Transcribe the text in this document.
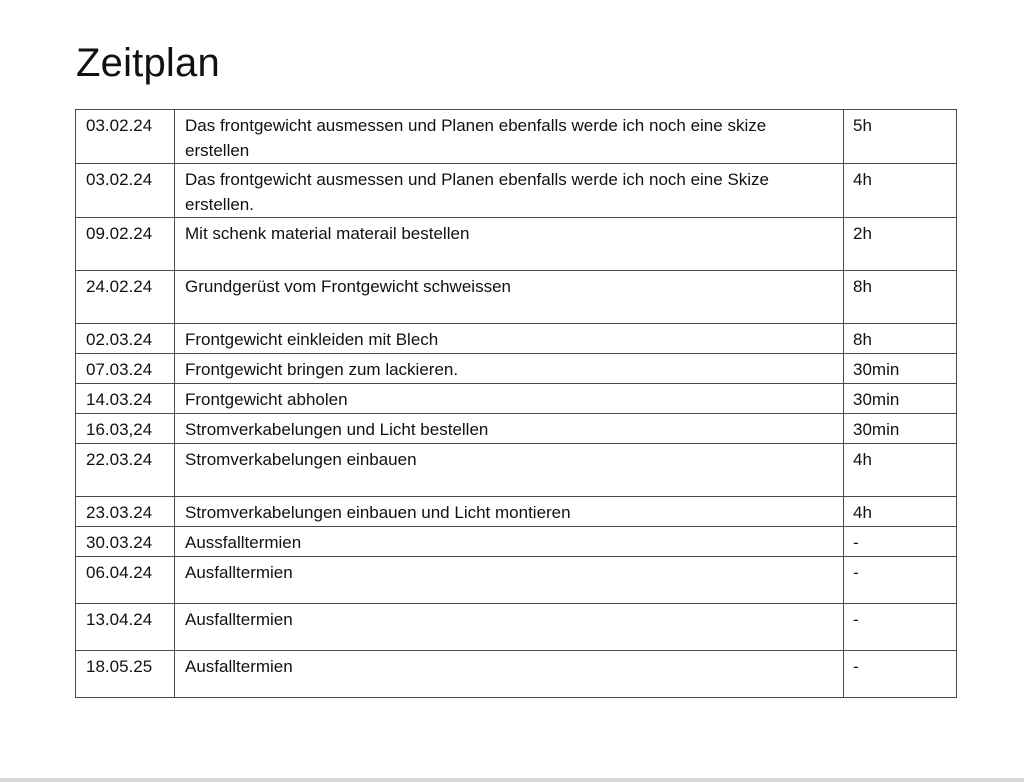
Zeitplan
03.02.24	Das frontgewicht ausmessen und Planen ebenfalls werde ich noch eine skize erstellen	5h
03.02.24	Das frontgewicht ausmessen und Planen ebenfalls werde ich noch eine Skize erstellen.	4h
09.02.24	Mit schenk material materail bestellen	2h
24.02.24	Grundgerüst vom Frontgewicht schweissen	8h
02.03.24	Frontgewicht einkleiden mit Blech	8h
07.03.24	Frontgewicht bringen zum lackieren.	30min
14.03.24	Frontgewicht abholen	30min
16.03,24	Stromverkabelungen und Licht bestellen	30min
22.03.24	Stromverkabelungen einbauen	4h
23.03.24	Stromverkabelungen einbauen und Licht montieren	4h
30.03.24	Aussfalltermien	-
06.04.24	Ausfalltermien	-
13.04.24	Ausfalltermien	-
18.05.25	Ausfalltermien	-
